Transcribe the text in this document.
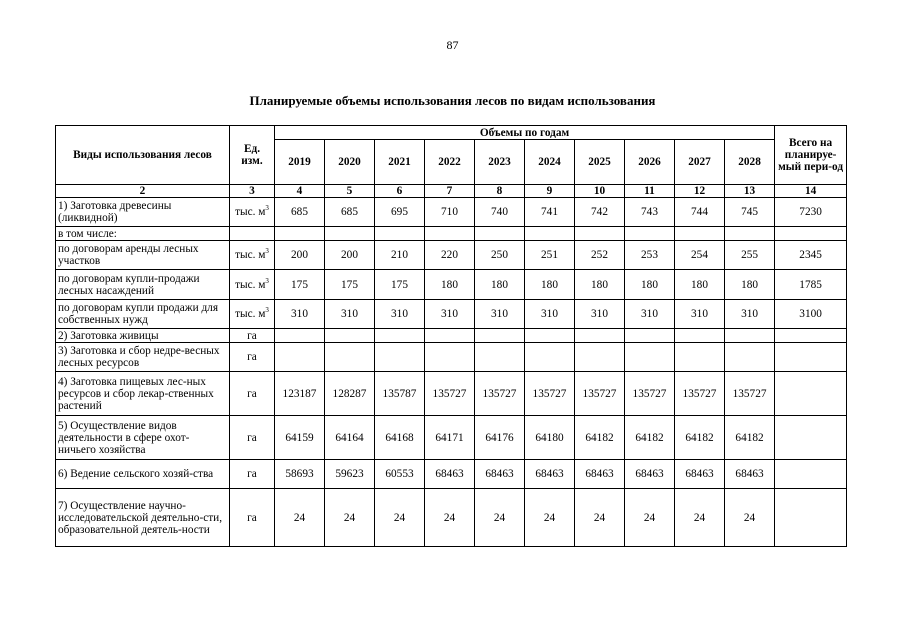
87
Планируемые объемы использования лесов по видам использования
Виды использования лесов	Ед. изм.	Объемы по годам										Всего на планируе-мый пери-од
		2019	2020	2021	2022	2023	2024	2025	2026	2027	2028	
2	3	4	5	6	7	8	9	10	11	12	13	14
1) Заготовка древесины (ликвидной)	тыс. $м^3$	685	685	695	710	740	741	742	743	744	745	7230
в том числе:												
по договорам аренды лесных участков	тыс. $м^3$	200	200	210	220	250	251	252	253	254	255	2345
по договорам купли-продажи лесных насаждений	тыс. $м^3$	175	175	175	180	180	180	180	180	180	180	1785
по договорам купли продажи для собственных нужд	тыс. $м^3$	310	310	310	310	310	310	310	310	310	310	3100
2) Заготовка живицы	га											
3) Заготовка и сбор недре-весных лесных ресурсов	га											
4) Заготовка пищевых лес-ных ресурсов и сбор лекар-ственных растений	га	123187	128287	135787	135727	135727	135727	135727	135727	135727	135727	
5) Осуществление видов деятельности в сфере охот-ничьего хозяйства	га	64159	64164	64168	64171	64176	64180	64182	64182	64182	64182	
6) Ведение сельского хозяй-ства	га	58693	59623	60553	68463	68463	68463	68463	68463	68463	68463	
7) Осуществление научно-исследовательской деятельно-сти, образовательной деятель-ности	га	24	24	24	24	24	24	24	24	24	24	
